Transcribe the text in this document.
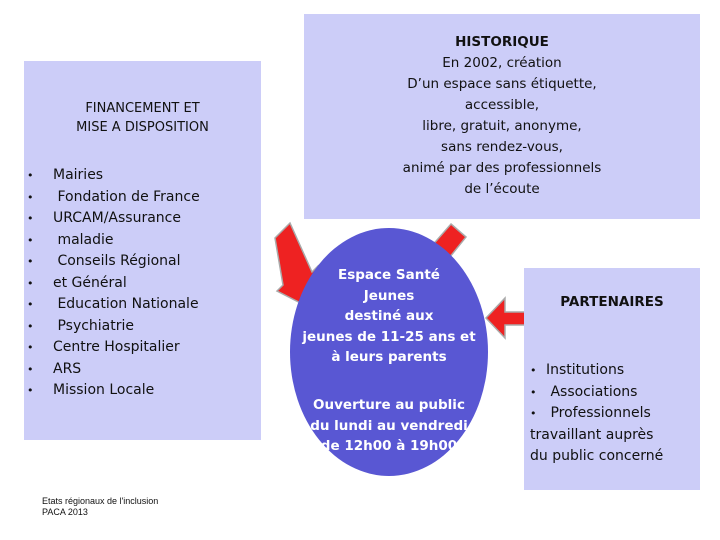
FINANCEMENT ET
MISE A DISPOSITION
• Mairies
•  Fondation de France
• URCAM/Assurance
•  maladie
•  Conseils Régional
• et Général
•  Education Nationale
•  Psychiatrie
• Centre Hospitalier
• ARS
• Mission Locale
HISTORIQUE
En 2002, création
D’un espace sans étiquette,
accessible,
libre, gratuit, anonyme,
sans rendez-vous,
animé par des professionnels
de l’écoute
Espace Santé
Jeunes
destiné aux
jeunes de 11-25 ans et
à leurs parents
Ouverture au public
du lundi au vendredi
de 12h00 à 19h00
PARTENAIRES
• Institutions
•  Associations
•  Professionnels
travaillant auprès
du public concerné
Etats régionaux de l'inclusion
PACA 2013
